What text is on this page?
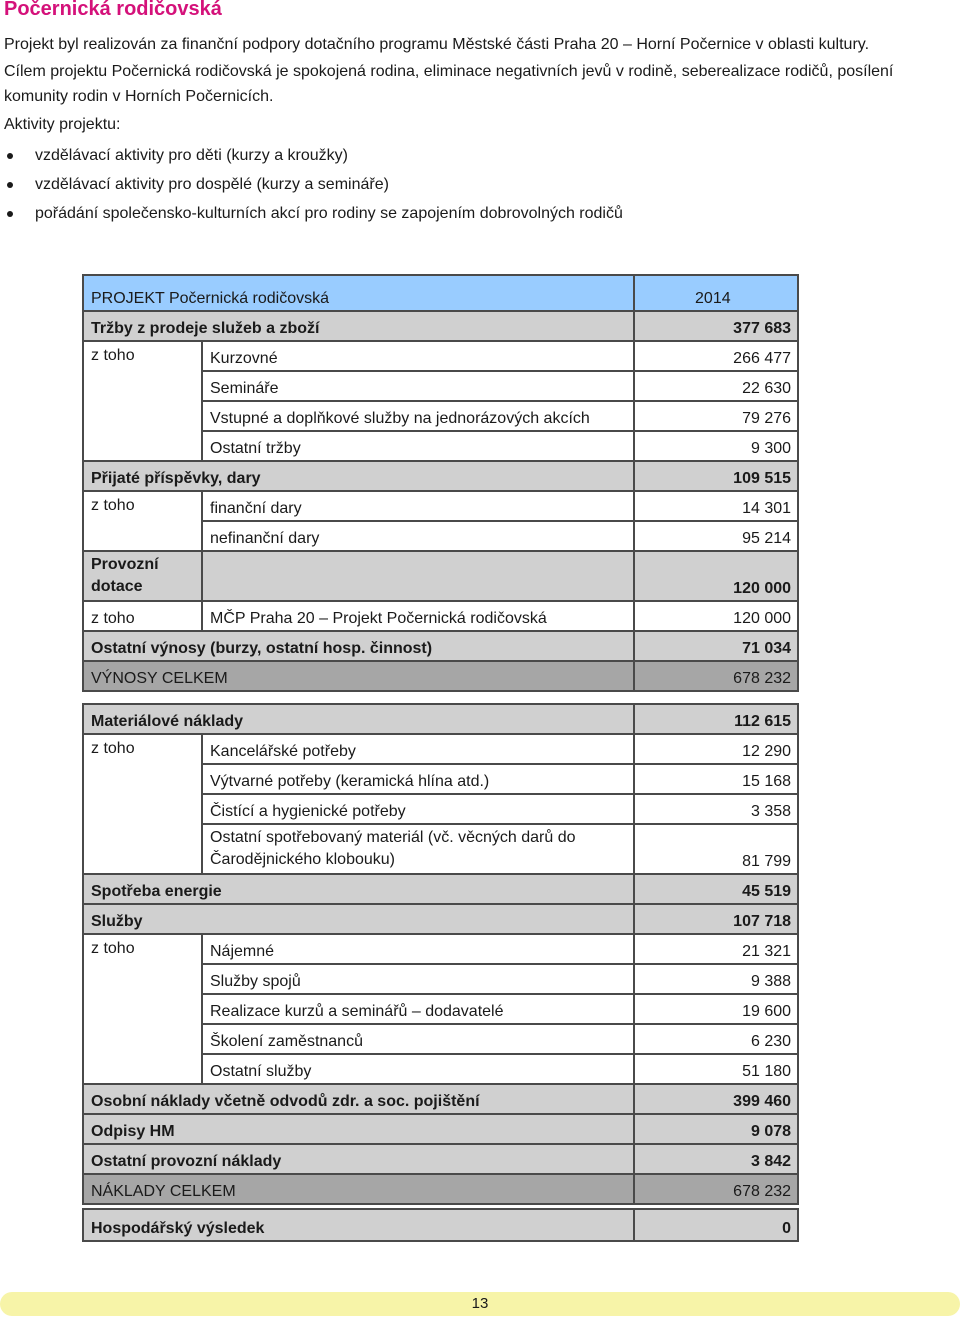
Počernická rodičovská

Projekt byl realizován za finanční podpory dotačního programu Městské části Praha 20 – Horní Počernice v oblasti kultury.

Cílem projektu Počernická rodičovská je spokojená rodina, eliminace negativních jevů v rodině, seberealizace rodičů, posílení komunity rodin v Horních Počernicích.

Aktivity projektu:

vzdělávací aktivity pro děti (kurzy a kroužky)
vzdělávací aktivity pro dospělé (kurzy a semináře)
pořádání společensko-kulturních akcí pro rodiny se zapojením dobrovolných rodičů
PROJEKT Počernická rodičovská		2014
Tržby z prodeje služeb a zboží		377 683
z toho	Kurzovné	266 477
	Semináře	22 630
	Vstupné a doplňkové služby na jednorázových akcích	79 276
	Ostatní tržby	9 300
Přijaté příspěvky, dary		109 515
z toho	finanční dary	14 301
	nefinanční dary	95 214
Provozní
dotace		120 000
z toho	MČP Praha 20 – Projekt Počernická rodičovská	120 000
Ostatní výnosy (burzy, ostatní hosp. činnost)		71 034
VÝNOSY CELKEM		678 232
Materiálové náklady		112 615
z toho	Kancelářské potřeby	12 290
	Výtvarné potřeby (keramická hlína atd.)	15 168
	Čistící a hygienické potřeby	3 358
	Ostatní spotřebovaný materiál (vč. věcných darů do
Čarodějnického klobouku)	81 799
Spotřeba energie		45 519
Služby		107 718
z toho	Nájemné	21 321
	Služby spojů	9 388
	Realizace kurzů a seminářů – dodavatelé	19 600
	Školení zaměstnanců	6 230
	Ostatní služby	51 180
Osobní náklady včetně odvodů zdr. a soc. pojištění		399 460
Odpisy HM		9 078
Ostatní provozní náklady		3 842
NÁKLADY CELKEM		678 232
Hospodářský výsledek	0
13
